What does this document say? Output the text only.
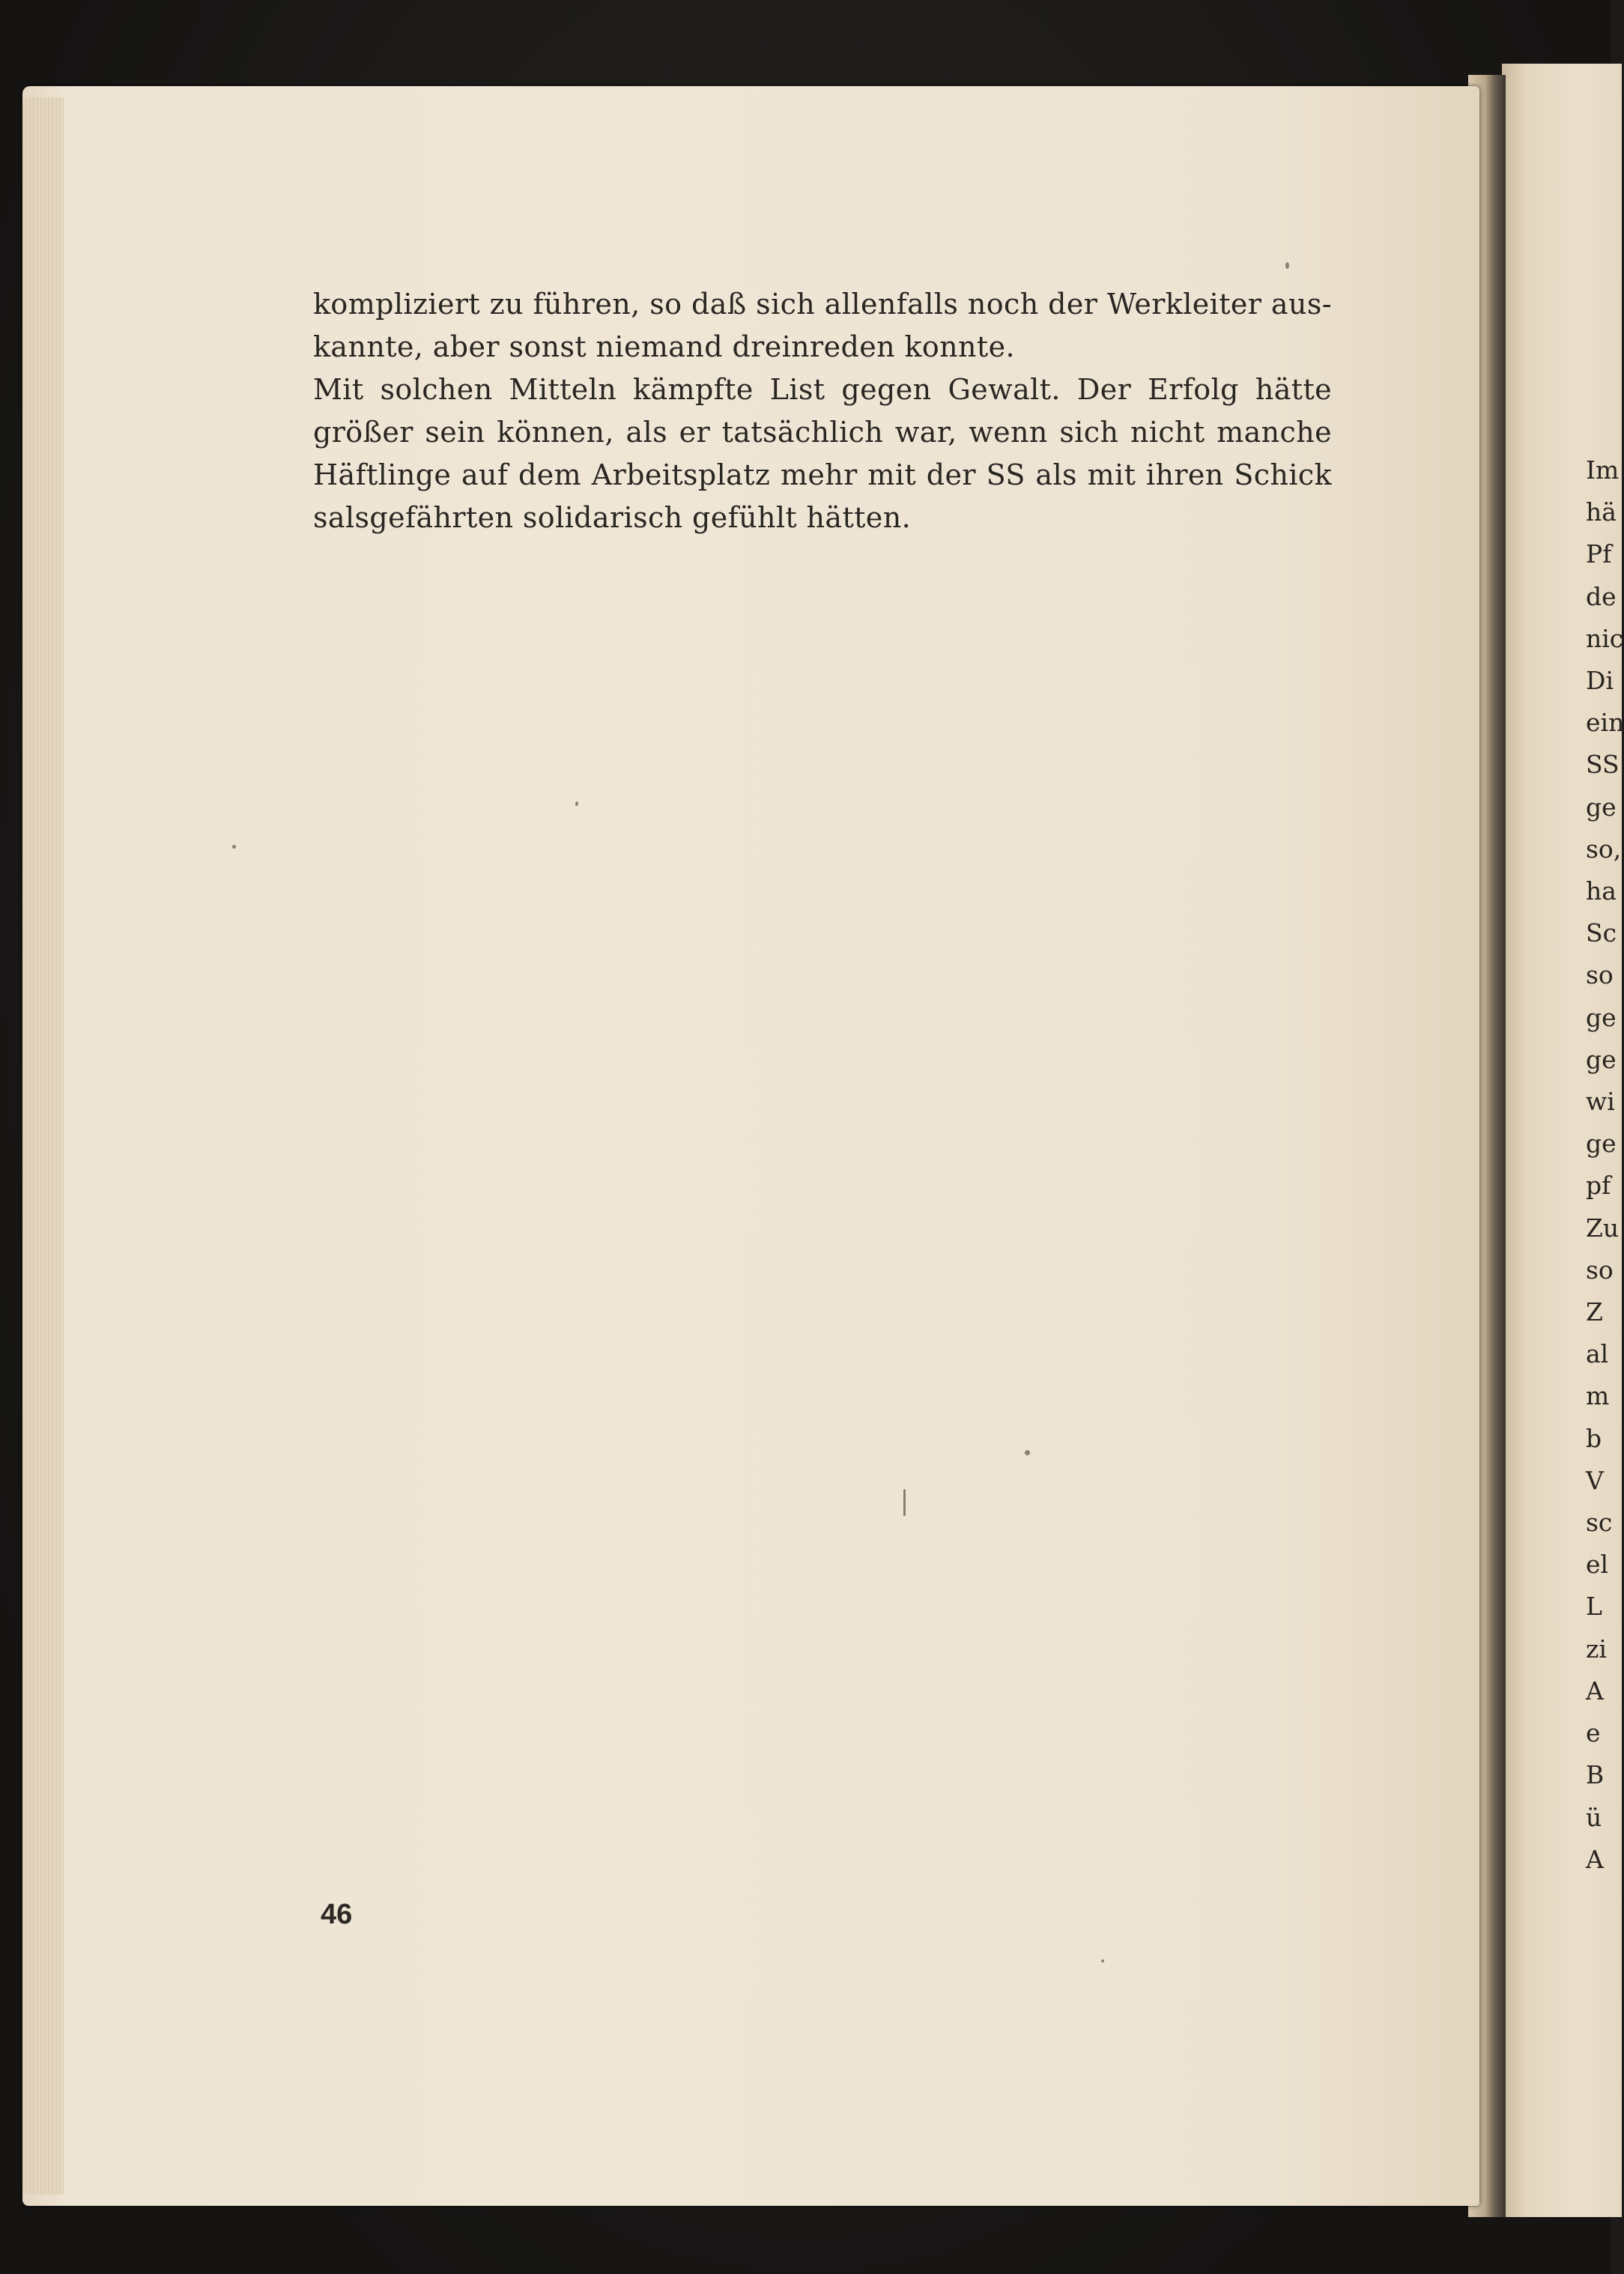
Im
hä
Pf
de
nic
Di
ein
SS
ge
so,
ha
Sc
so
ge
ge
wi
ge
pf
Zu
so
Z
al
m
b
V
sc
el
L
zi
A
e
B
ü
A
kompliziert zu führen, so daß sich allenfalls noch der Werkleiter aus-
kannte, aber sonst niemand dreinreden konnte.
Mit solchen Mitteln kämpfte List gegen Gewalt. Der Erfolg hätte
größer sein können, als er tatsächlich war, wenn sich nicht manche
Häftlinge auf dem Arbeitsplatz mehr mit der SS als mit ihren Schick
salsgefährten solidarisch gefühlt hätten.
46
